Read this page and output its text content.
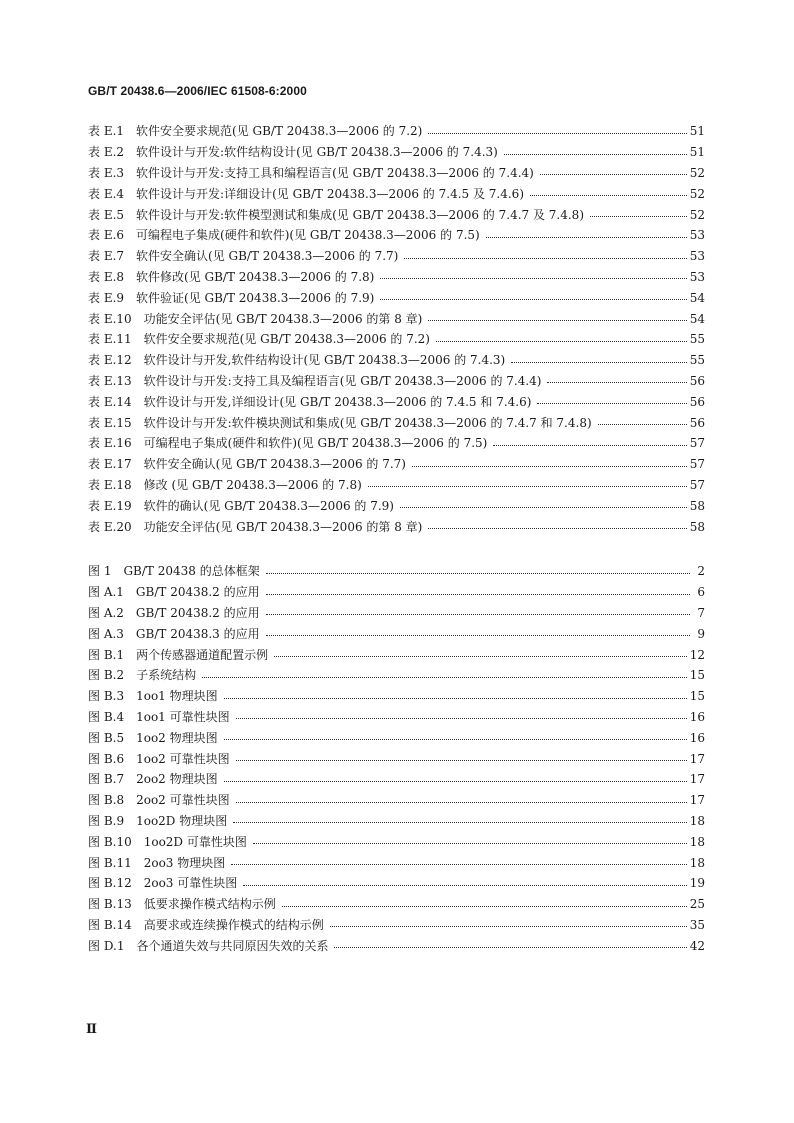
GB/T 20438.6—2006/IEC 61508-6:2000
表 E.1　软件安全要求规范(见 GB/T 20438.3—2006 的 7.2)	51
表 E.2　软件设计与开发:软件结构设计(见 GB/T 20438.3—2006 的 7.4.3)	51
表 E.3　软件设计与开发:支持工具和编程语言(见 GB/T 20438.3—2006 的 7.4.4)	52
表 E.4　软件设计与开发:详细设计(见 GB/T 20438.3—2006 的 7.4.5 及 7.4.6)	52
表 E.5　软件设计与开发:软件模型测试和集成(见 GB/T 20438.3—2006 的 7.4.7 及 7.4.8)	52
表 E.6　可编程电子集成(硬件和软件)(见 GB/T 20438.3—2006 的 7.5)	53
表 E.7　软件安全确认(见 GB/T 20438.3—2006 的 7.7)	53
表 E.8　软件修改(见 GB/T 20438.3—2006 的 7.8)	53
表 E.9　软件验证(见 GB/T 20438.3—2006 的 7.9)	54
表 E.10　功能安全评估(见 GB/T 20438.3—2006 的第 8 章)	54
表 E.11　软件安全要求规范(见 GB/T 20438.3—2006 的 7.2)	55
表 E.12　软件设计与开发,软件结构设计(见 GB/T 20438.3—2006 的 7.4.3)	55
表 E.13　软件设计与开发:支持工具及编程语言(见 GB/T 20438.3—2006 的 7.4.4)	56
表 E.14　软件设计与开发,详细设计(见 GB/T 20438.3—2006 的 7.4.5 和 7.4.6)	56
表 E.15　软件设计与开发:软件模块测试和集成(见 GB/T 20438.3—2006 的 7.4.7 和 7.4.8)	56
表 E.16　可编程电子集成(硬件和软件)(见 GB/T 20438.3—2006 的 7.5)	57
表 E.17　软件安全确认(见 GB/T 20438.3—2006 的 7.7)	57
表 E.18　修改 (见 GB/T 20438.3—2006 的 7.8)	57
表 E.19　软件的确认(见 GB/T 20438.3—2006 的 7.9)	58
表 E.20　功能安全评估(见 GB/T 20438.3—2006 的第 8 章)	58
图 1　GB/T 20438 的总体框架	2
图 A.1　GB/T 20438.2 的应用	6
图 A.2　GB/T 20438.2 的应用	7
图 A.3　GB/T 20438.3 的应用	9
图 B.1　两个传感器通道配置示例	12
图 B.2　子系统结构	15
图 B.3　1oo1 物理块图	15
图 B.4　1oo1 可靠性块图	16
图 B.5　1oo2 物理块图	16
图 B.6　1oo2 可靠性块图	17
图 B.7　2oo2 物理块图	17
图 B.8　2oo2 可靠性块图	17
图 B.9　1oo2D 物理块图	18
图 B.10　1oo2D 可靠性块图	18
图 B.11　2oo3 物理块图	18
图 B.12　2oo3 可靠性块图	19
图 B.13　低要求操作模式结构示例	25
图 B.14　高要求或连续操作模式的结构示例	35
图 D.1　各个通道失效与共同原因失效的关系	42
Ⅱ
